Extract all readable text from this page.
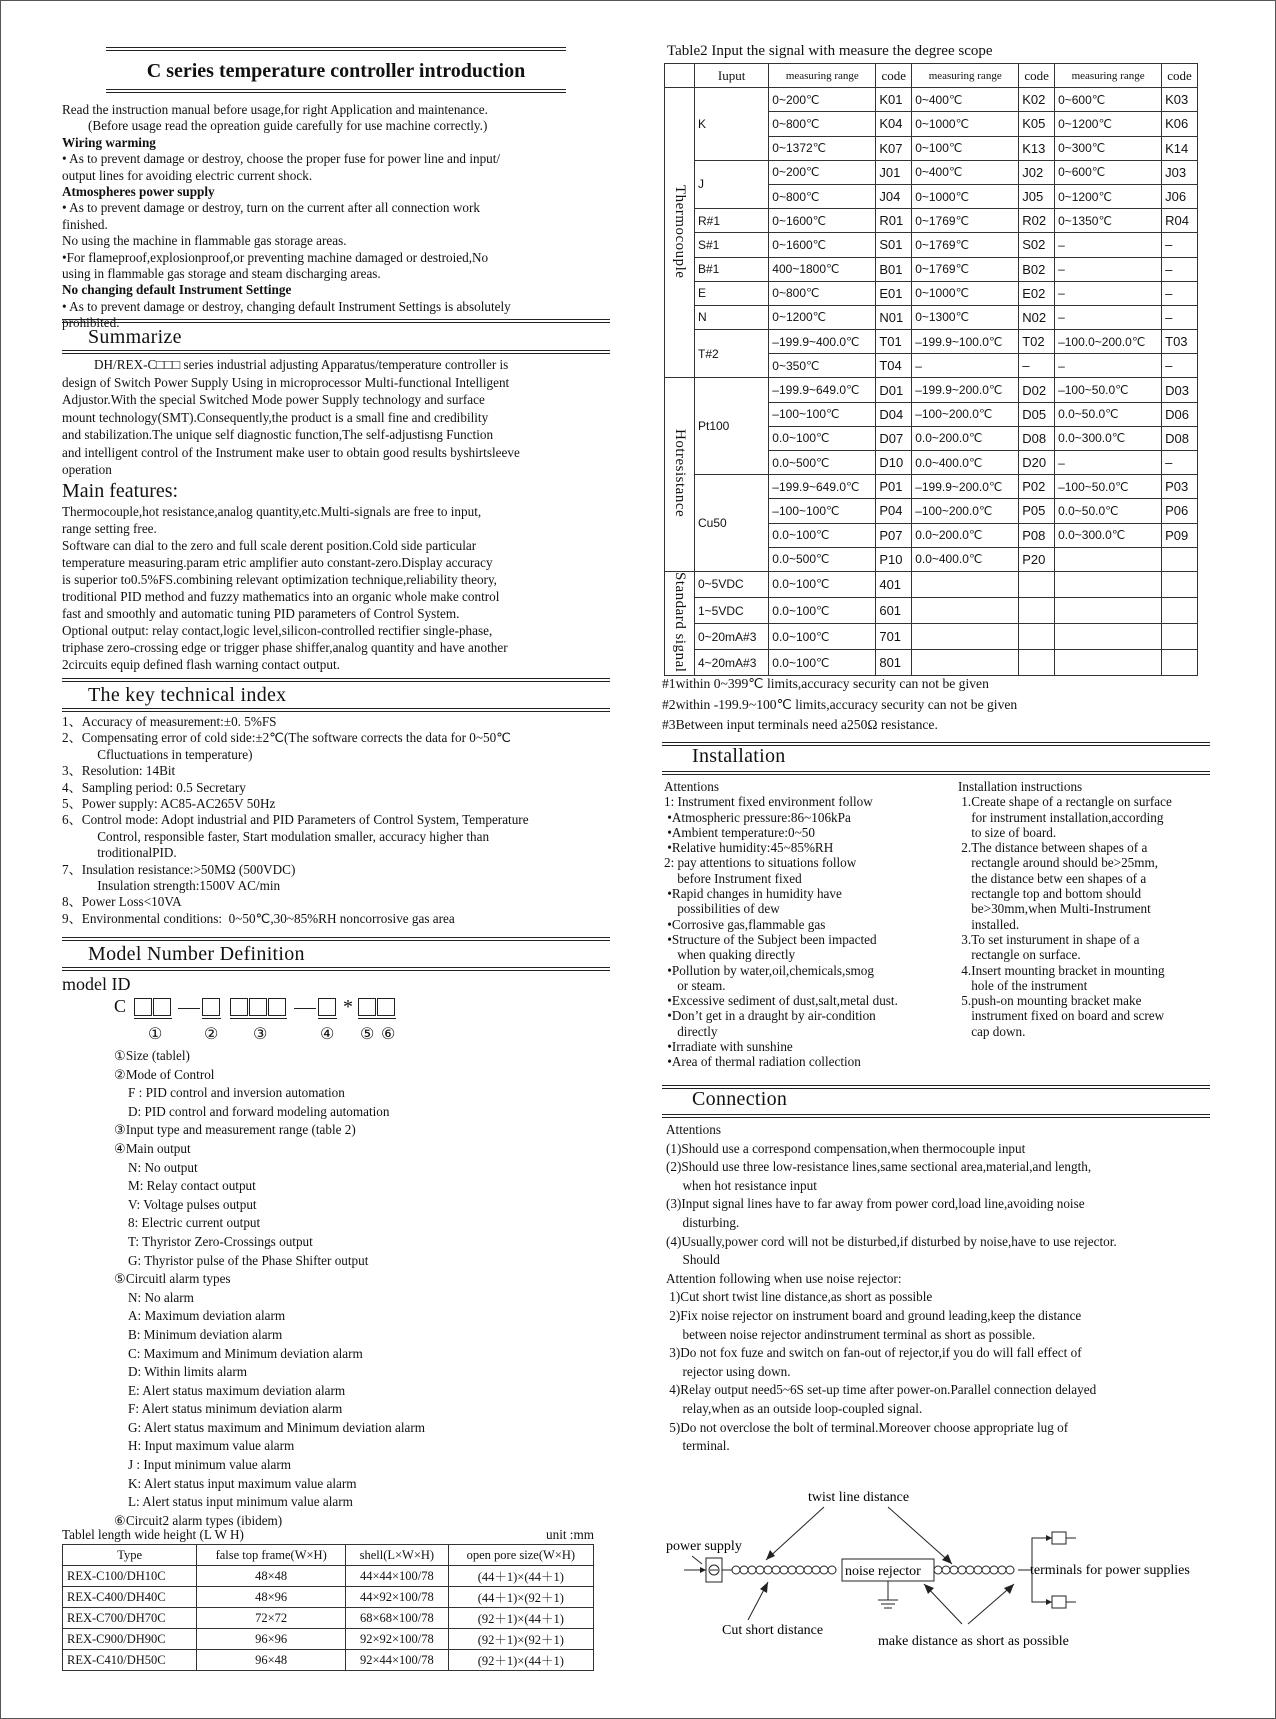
C series temperature controller introduction
Read the instruction manual before usage,for right Application and maintenance.
(Before usage read the opreation guide carefully for use machine correctly.)
Wiring warming
• As to prevent damage or destroy, choose the proper fuse for power line and input/
output lines for avoiding electric current shock.
Atmospheres power supply
• As to prevent damage or destroy, turn on the current after all connection work
finished.
No using the machine in flammable gas storage areas.
•For flameproof,explosionproof,or preventing machine damaged or destroied,No
using in flammable gas storage and steam discharging areas.
No changing default Instrument Settinge
• As to prevent damage or destroy, changing default Instrument Settings is absolutely
prohibited.
Summarize
DH/REX-C□□□ series industrial adjusting Apparatus/temperature controller is
design of Switch Power Supply Using in microprocessor Multi-functional Intelligent
Adjustor.With the special Switched Mode power Supply technology and surface
mount technology(SMT).Consequently,the product is a small fine and credibility
and stabilization.The unique self diagnostic function,The self-adjustisng Function
and intelligent control of the Instrument make user to obtain good results byshirtsleeve
operation
Main features:
Thermocouple,hot resistance,analog quantity,etc.Multi-signals are free to input,
range setting free.
Software can dial to the zero and full scale derent position.Cold side particular
temperature measuring.param etric amplifier auto constant-zero.Display accuracy
is superior to0.5%FS.combining relevant optimization technique,reliability theory,
troditional PID method and fuzzy mathematics into an organic whole make control
fast and smoothly and automatic tuning PID parameters of Control System.
Optional output: relay contact,logic level,silicon-controlled rectifier single-phase,
triphase zero-crossing edge or trigger phase shiffer,analog quantity and have another
2circuits equip defined flash warning contact output.
The key technical index
1、Accuracy of measurement:±0. 5%FS
2、Compensating error of cold side:±2℃(The software corrects the data for 0~50℃
Cfluctuations in temperature)
3、Resolution: 14Bit
4、Sampling period: 0.5 Secretary
5、Power supply: AC85-AC265V 50Hz
6、Control mode: Adopt industrial and PID Parameters of Control System, Temperature
Control, responsible faster, Start modulation smaller, accuracy higher than
troditionalPID.
7、Insulation resistance:>50MΩ (500VDC)
Insulation strength:1500V AC/min
8、Power Loss<10VA
9、Environmental conditions:  0~50℃,30~85%RH noncorrosive gas area
Model Number Definition
model ID
C	*
①	② ③	④ ⑤ ⑥
①Size (tablel)
②Mode of Control
F : PID control and inversion automation
D: PID control and forward modeling automation
③Input type and measurement range (table 2)
④Main output
N: No output
M: Relay contact output
V: Voltage pulses output
8: Electric current output
T: Thyristor Zero-Crossings output
G: Thyristor pulse of the Phase Shifter output
⑤Circuitl alarm types
N: No alarm
A: Maximum deviation alarm
B: Minimum deviation alarm
C: Maximum and Minimum deviation alarm
D: Within limits alarm
E: Alert status maximum deviation alarm
F: Alert status minimum deviation alarm
G: Alert status maximum and Minimum deviation alarm
H: Input maximum value alarm
J : Input minimum value alarm
K: Alert status input maximum value alarm
L: Alert status input minimum value alarm
⑥Circuit2 alarm types (ibidem)
Tablel length wide height (L W H)	unit :mm
Type	false top frame(W×H)	shell(L×W×H)	open pore size(W×H)
REX-C100/DH10C	48×48	44×44×100/78	(44＋1)×(44＋1)
REX-C400/DH40C	48×96	44×92×100/78	(44＋1)×(92＋1)
REX-C700/DH70C	72×72	68×68×100/78	(92＋1)×(44＋1)
REX-C900/DH90C	96×96	92×92×100/78	(92＋1)×(92＋1)
REX-C410/DH50C	96×48	92×44×100/78	(92＋1)×(44＋1)
Table2 Input the signal with measure the degree scope
	Iuput	measuring range	code	measuring range	code	measuring range	code
Thermocouple	K	0~200℃	K01	0~400℃	K02	0~600℃	K03
		0~800℃	K04	0~1000℃	K05	0~1200℃	K06
		0~1372℃	K07	0~100℃	K13	0~300℃	K14
	J	0~200℃	J01	0~400℃	J02	0~600℃	J03
		0~800℃	J04	0~1000℃	J05	0~1200℃	J06
	R#1	0~1600℃	R01	0~1769℃	R02	0~1350℃	R04
	S#1	0~1600℃	S01	0~1769℃	S02	–	–
	B#1	400~1800℃	B01	0~1769℃	B02	–	–
	E	0~800℃	E01	0~1000℃	E02	–	–
	N	0~1200℃	N01	0~1300℃	N02	–	–
	T#2	–199.9~400.0℃	T01	–199.9~100.0℃	T02	–100.0~200.0℃	T03
		0~350℃	T04	–	–	–	–
Hotresistance	Pt100	–199.9~649.0℃	D01	–199.9~200.0℃	D02	–100~50.0℃	D03
		–100~100℃	D04	–100~200.0℃	D05	0.0~50.0℃	D06
		0.0~100℃	D07	0.0~200.0℃	D08	0.0~300.0℃	D08
		0.0~500℃	D10	0.0~400.0℃	D20	–	–
	Cu50	–199.9~649.0℃	P01	–199.9~200.0℃	P02	–100~50.0℃	P03
		–100~100℃	P04	–100~200.0℃	P05	0.0~50.0℃	P06
		0.0~100℃	P07	0.0~200.0℃	P08	0.0~300.0℃	P09
		0.0~500℃	P10	0.0~400.0℃	P20		
Standard signal	0~5VDC	0.0~100℃	401				
	1~5VDC	0.0~100℃	601				
	0~20mA#3	0.0~100℃	701				
	4~20mA#3	0.0~100℃	801				
#1within 0~399℃ limits,accuracy security can not be given
#2within -199.9~100℃ limits,accuracy security can not be given
#3Between input terminals need a250Ω resistance.
Installation
Attentions
1: Instrument fixed environment follow
•Atmospheric pressure:86~106kPa
•Ambient temperature:0~50
•Relative humidity:45~85%RH
2: pay attentions to situations follow
before Instrument fixed
•Rapid changes in humidity have
possibilities of dew
•Corrosive gas,flammable gas
•Structure of the Subject been impacted
when quaking directly
•Pollution by water,oil,chemicals,smog
or steam.
•Excessive sediment of dust,salt,metal dust.
•Don’t get in a draught by air-condition
directly
•Irradiate with sunshine
•Area of thermal radiation collection
Installation instructions
1.Create shape of a rectangle on surface
for instrument installation,according
to size of board.
2.The distance between shapes of a
rectangle around should be>25mm,
the distance betw een shapes of a
rectangle top and bottom should
be>30mm,when Multi-Instrument
installed.
3.To set insturument in shape of a
rectangle on surface.
4.Insert mounting bracket in mounting
hole of the instrument
5.push-on mounting bracket make
instrument fixed on board and screw
cap down.
Connection
Attentions
(1)Should use a correspond compensation,when thermocouple input
(2)Should use three low-resistance lines,same sectional area,material,and length,
when hot resistance input
(3)Input signal lines have to far away from power cord,load line,avoiding noise
disturbing.
(4)Usually,power cord will not be disturbed,if disturbed by noise,have to use rejector.
Should
Attention following when use noise rejector:
1)Cut short twist line distance,as short as possible
2)Fix noise rejector on instrument board and ground leading,keep the distance
between noise rejector andinstrument terminal as short as possible.
3)Do not fox fuze and switch on fan-out of rejector,if you do will fall effect of
rejector using down.
4)Relay output need5~6S set-up time after power-on.Parallel connection delayed
relay,when as an outside loop-coupled signal.
5)Do not overclose the bolt of terminal.Moreover choose appropriate lug of
terminal.
twist line distance
power supply
noise rejector	terminals for power supplies
Cut short distance
make distance as short as possible
